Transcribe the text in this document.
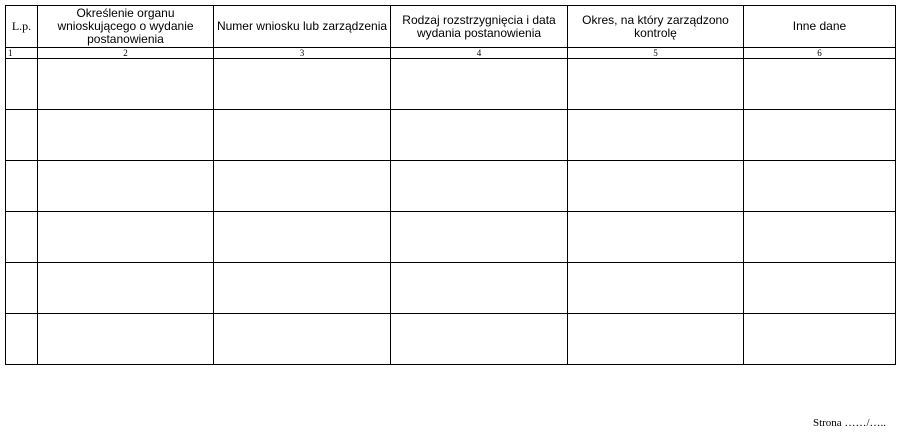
L.p.	Określenie organu wnioskującego o wydanie postanowienia	Numer wniosku lub zarządzenia	Rodzaj rozstrzygnięcia i data wydania postanowienia	Okres, na który zarządzono kontrolę	Inne dane
1	2	3	4	5	6

Strona ……/…..
